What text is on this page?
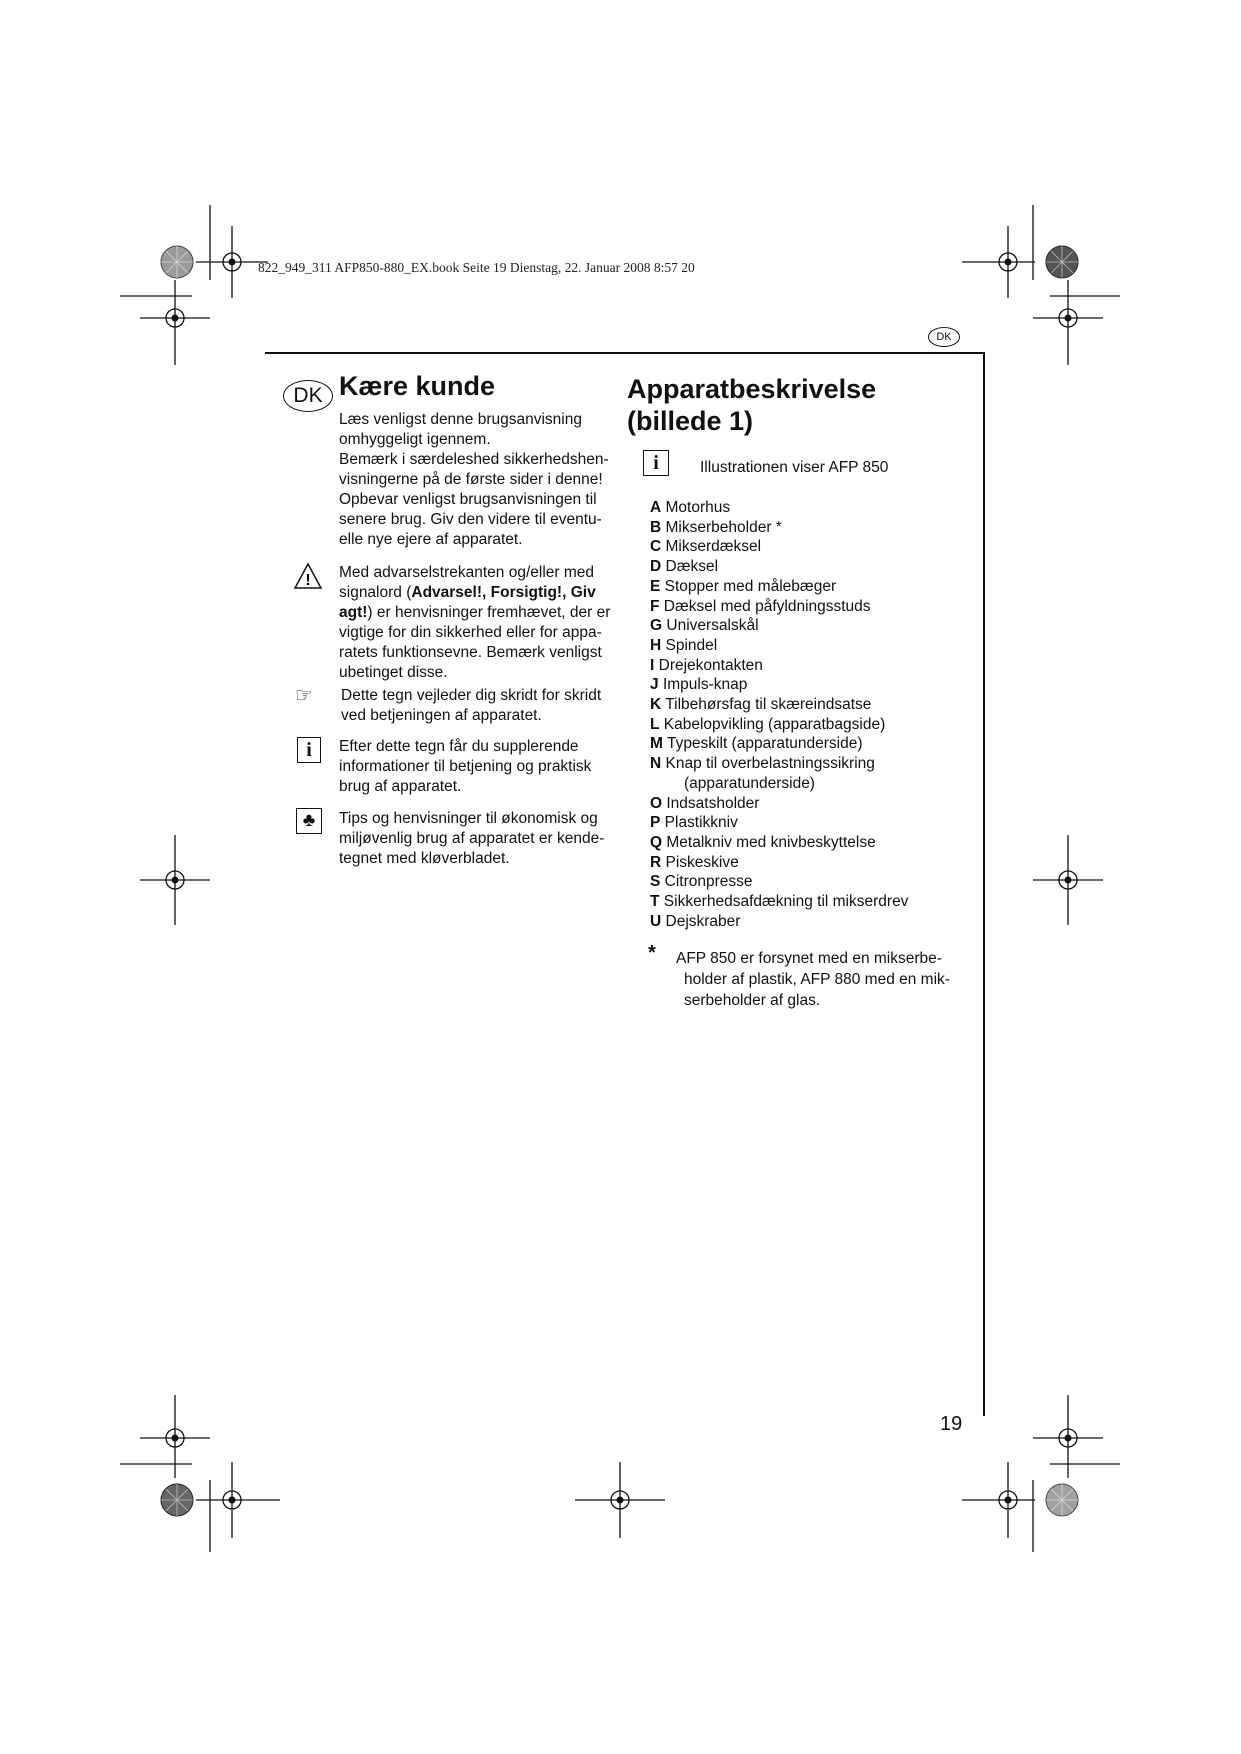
822_949_311 AFP850-880_EX.book Seite 19 Dienstag, 22. Januar 2008 8:57 20
DK
DK Kære kunde
Læs venligst denne brugsanvisning
omhyggeligt igennem.
Bemærk i særdeleshed sikkerhedshen-
visningerne på de første sider i denne!
Opbevar venligst brugsanvisningen til
senere brug. Giv den videre til eventu-
elle nye ejere af apparatet.
! Med advarselstrekanten og/eller med
signalord (Advarsel!, Forsigtig!, Giv
agt!) er henvisninger fremhævet, der er
vigtige for din sikkerhed eller for appa-
ratets funktionsevne. Bemærk venligst
ubetinget disse.
☞ Dette tegn vejleder dig skridt for skridt
ved betjeningen af apparatet.
i	Efter dette tegn får du supplerende
informationer til betjening og praktisk
brug af apparatet.
♣	Tips og henvisninger til økonomisk og
miljøvenlig brug af apparatet er kende-
tegnet med kløverbladet.
Apparatbeskrivelse
(billede 1)
i	Illustrationen viser AFP 850
A Motorhus
B Mikserbeholder *
C Mikserdæksel
D Dæksel
E Stopper med målebæger
F Dæksel med påfyldningsstuds
G Universalskål
H Spindel
I Drejekontakten
J Impuls-knap
K Tilbehørsfag til skæreindsatse
L Kabelopvikling (apparatbagside)
M Typeskilt (apparatunderside)
N Knap til overbelastningssikring
(apparatunderside)
O Indsatsholder
P Plastikkniv
Q Metalkniv med knivbeskyttelse
R Piskeskive
S Citronpresse
T Sikkerhedsafdækning til mikserdrev
U Dejskraber
* AFP 850 er forsynet med en mikserbe-
holder af plastik, AFP 880 med en mik-
serbeholder af glas.
19
